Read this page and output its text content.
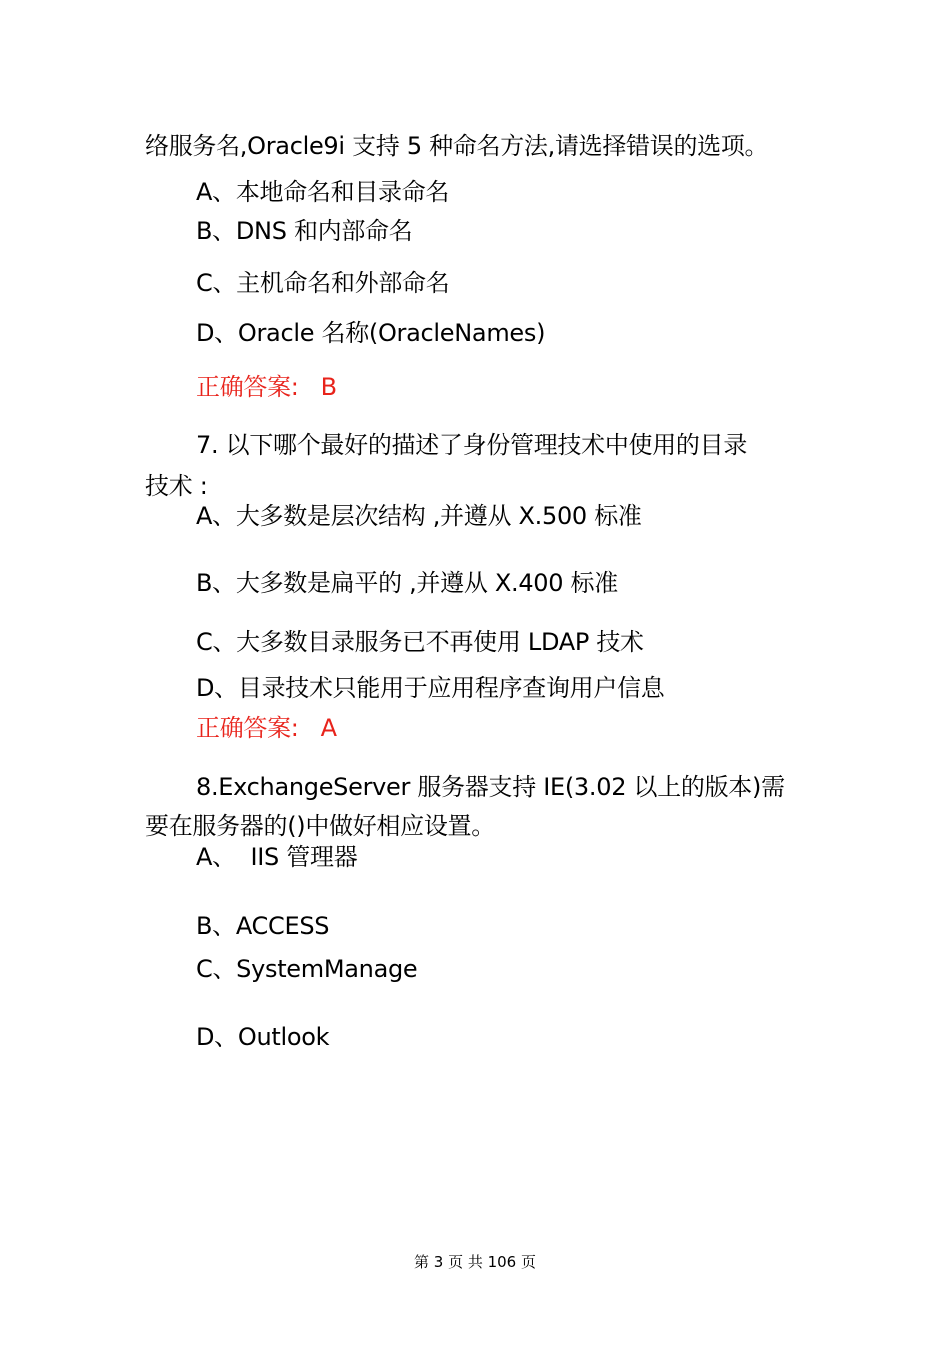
络服务名,Oracle9i 支持 5 种命名方法,请选择错误的选项。
A、本地命名和目录命名
B、DNS 和内部命名
C、主机命名和外部命名
D、Oracle 名称(OracleNames)
正确答案:   B
7. 以下哪个最好的描述了身份管理技术中使用的目录
技术 :
A、大多数是层次结构 ,并遵从 X.500 标准
B、大多数是扁平的 ,并遵从 X.400 标准
C、大多数目录服务已不再使用 LDAP 技术
D、目录技术只能用于应用程序查询用户信息
正确答案:   A
8.ExchangeServer 服务器支持 IE(3.02 以上的版本)需
要在服务器的()中做好相应设置。
A、  IIS 管理器
B、ACCESS
C、SystemManage
D、Outlook
第 3 页 共 106 页
